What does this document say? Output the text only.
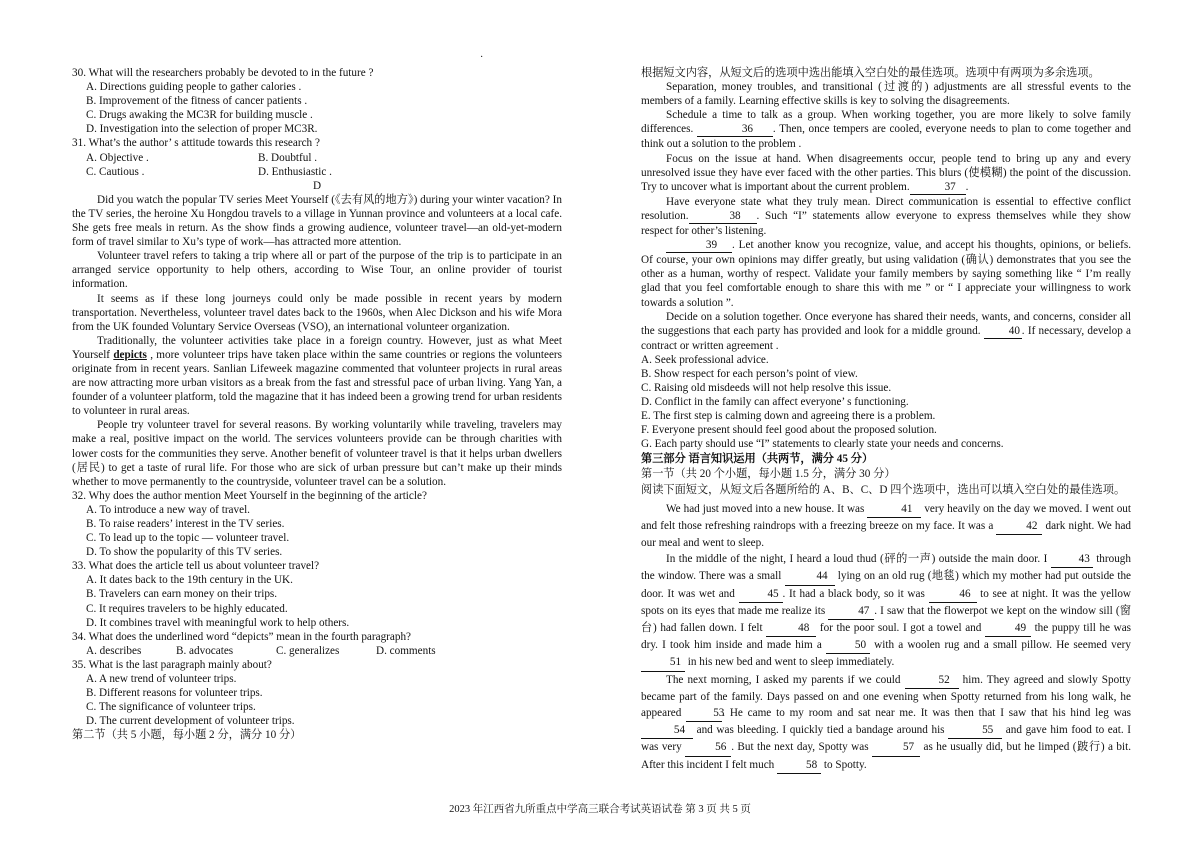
·

30. What will the researchers probably be devoted to in the future ?

A. Directions guiding people to gather calories .

B. Improvement of the fitness of cancer patients .

C. Drugs awaking the MC3R for building muscle .

D. Investigation into the selection of proper MC3R.

31. What’s the author’ s attitude towards this research ?

A. Objective .	B. Doubtful .
C. Cautious .	D. Enthusiastic .

D

Did you watch the popular TV series Meet Yourself (《去有风的地方》) during your winter vacation? In the TV series, the heroine Xu Hongdou travels to a village in Yunnan province and volunteers at a local cafe. She gets free meals in return. As the show finds a growing audience, volunteer travel—an old-yet-modern form of travel similar to Xu’s type of work—has attracted more attention.

Volunteer travel refers to taking a trip where all or part of the purpose of the trip is to participate in an arranged service opportunity to help others, according to Wise Tour, an online provider of tourist information.

It seems as if these long journeys could only be made possible in recent years by modern transportation. Nevertheless, volunteer travel dates back to the 1960s, when Alec Dickson and his wife Mora from the UK founded Voluntary Service Overseas (VSO), an international volunteer organization.

Traditionally, the volunteer activities take place in a foreign country. However, just as what Meet Yourself depicts , more volunteer trips have taken place within the same countries or regions the volunteers originate from in recent years. Sanlian Lifeweek magazine commented that volunteer projects in rural areas are now attracting more urban visitors as a break from the fast and stressful pace of urban living. Yang Yan, a founder of a volunteer platform, told the magazine that it has indeed been a growing trend for urban residents to volunteer in rural areas.

People try volunteer travel for several reasons. By working voluntarily while traveling, travelers may make a real, positive impact on the world. The services volunteers provide can be through charities with lower costs for the communities they serve. Another benefit of volunteer travel is that it helps urban dwellers (居民) to get a taste of rural life. For those who are sick of urban pressure but can’t make up their minds whether to move permanently to the countryside, volunteer travel can be a solution.

32. Why does the author mention Meet Yourself in the beginning of the article?

A. To introduce a new way of travel.

B. To raise readers’ interest in the TV series.

C. To lead up to the topic — volunteer travel.

D. To show the popularity of this TV series.

33. What does the article tell us about volunteer travel?

A. It dates back to the 19th century in the UK.

B. Travelers can earn money on their trips.

C. It requires travelers to be highly educated.

D. It combines travel with meaningful work to help others.

34. What does the underlined word “depicts” mean in the fourth paragraph?

A. describes	B. advocates	C. generalizes	D. comments

35. What is the last paragraph mainly about?

A. A new trend of volunteer trips.

B. Different reasons for volunteer trips.

C. The significance of volunteer trips.

D. The current development of volunteer trips.

第二节（共 5 小题，每小题 2 分，满分 10 分）

根据短文内容，从短文后的选项中选出能填入空白处的最佳选项。选项中有两项为多余选项。

Separation, money troubles, and transitional (过渡的) adjustments are all stressful events to the members of a family. Learning effective skills is key to solving the disagreements.

Schedule a time to talk as a group. When working together, you are more likely to solve family differences.	36 . Then, once tempers are cooled, everyone needs to plan to come together and think out a solution to the problem .

Focus on the issue at hand. When disagreements occur, people tend to bring up any and every unresolved issue they have ever faced with the other parties. This blurs (使模糊) the point of the discussion. Try to uncover what is important about the current problem.	37 .

Have everyone state what they truly mean. Direct communication is essential to effective conflict resolution.	38 . Such “I” statements allow everyone to express themselves while they show respect for other’s listening.

39 . Let another know you recognize, value, and accept his thoughts, opinions, or beliefs. Of course, your own opinions may differ greatly, but using validation (确认) demonstrates that you see the other as a human, worthy of respect. Validate your family members by saying something like “ I’m really glad that you feel comfortable enough to share this with me ” or “ I appreciate your willingness to work towards a solution ”.

Decide on a solution together. Once everyone has shared their needs, wants, and concerns, consider all the suggestions that each party has provided and look for a middle ground.	40 . If necessary, develop a contract or written agreement .

A. Seek professional advice.

B. Show respect for each person’s point of view.

C. Raising old misdeeds will not help resolve this issue.

D. Conflict in the family can affect everyone’ s functioning.

E. The first step is calming down and agreeing there is a problem.

F. Everyone present should feel good about the proposed solution.

G. Each party should use “I” statements to clearly state your needs and concerns.

第三部分 语言知识运用（共两节，满分 45 分）

第一节（共 20 个小题，每小题 1.5 分，满分 30 分）

阅读下面短文，从短文后各题所给的 A、B、C、D 四个选项中，选出可以填入空白处的最佳选项。

We had just moved into a new house. It was	41 very heavily on the day we moved. I went out and felt those refreshing raindrops with a freezing breeze on my face. It was a	42 dark night. We had our meal and went to sleep.

In the middle of the night, I heard a loud thud (砰的一声) outside the main door. I	43 through the window. There was a small	44 lying on an old rug (地毯) which my mother had put outside the door. It was wet and	45 . It had a black body, so it was	46 to see at night. It was the yellow spots on its eyes that made me realize its	47 . I saw that the flowerpot we kept on the window sill (窗台) had fallen down. I felt	48 for the poor soul. I got a towel and	49 the puppy till he was dry. I took him inside and made him a	50 with a woolen rug and a small pillow. He seemed very 51 in his new bed and went to sleep immediately.

The next morning, I asked my parents if we could	52 him. They agreed and slowly Spotty became part of the family. Days passed on and one evening when Spotty returned from his long walk, he appeared	53. He came to my room and sat near me. It was then that I saw that his hind leg was 54 and was bleeding. I quickly tied a bandage around his	55 and gave him food to eat. I was very	56 . But the next day, Spotty was	57 as he usually did, but he limped (跛行) a bit. After this incident I felt much	58 to Spotty.

2023 年江西省九所重点中学高三联合考试英语试卷 第 3 页 共 5 页
